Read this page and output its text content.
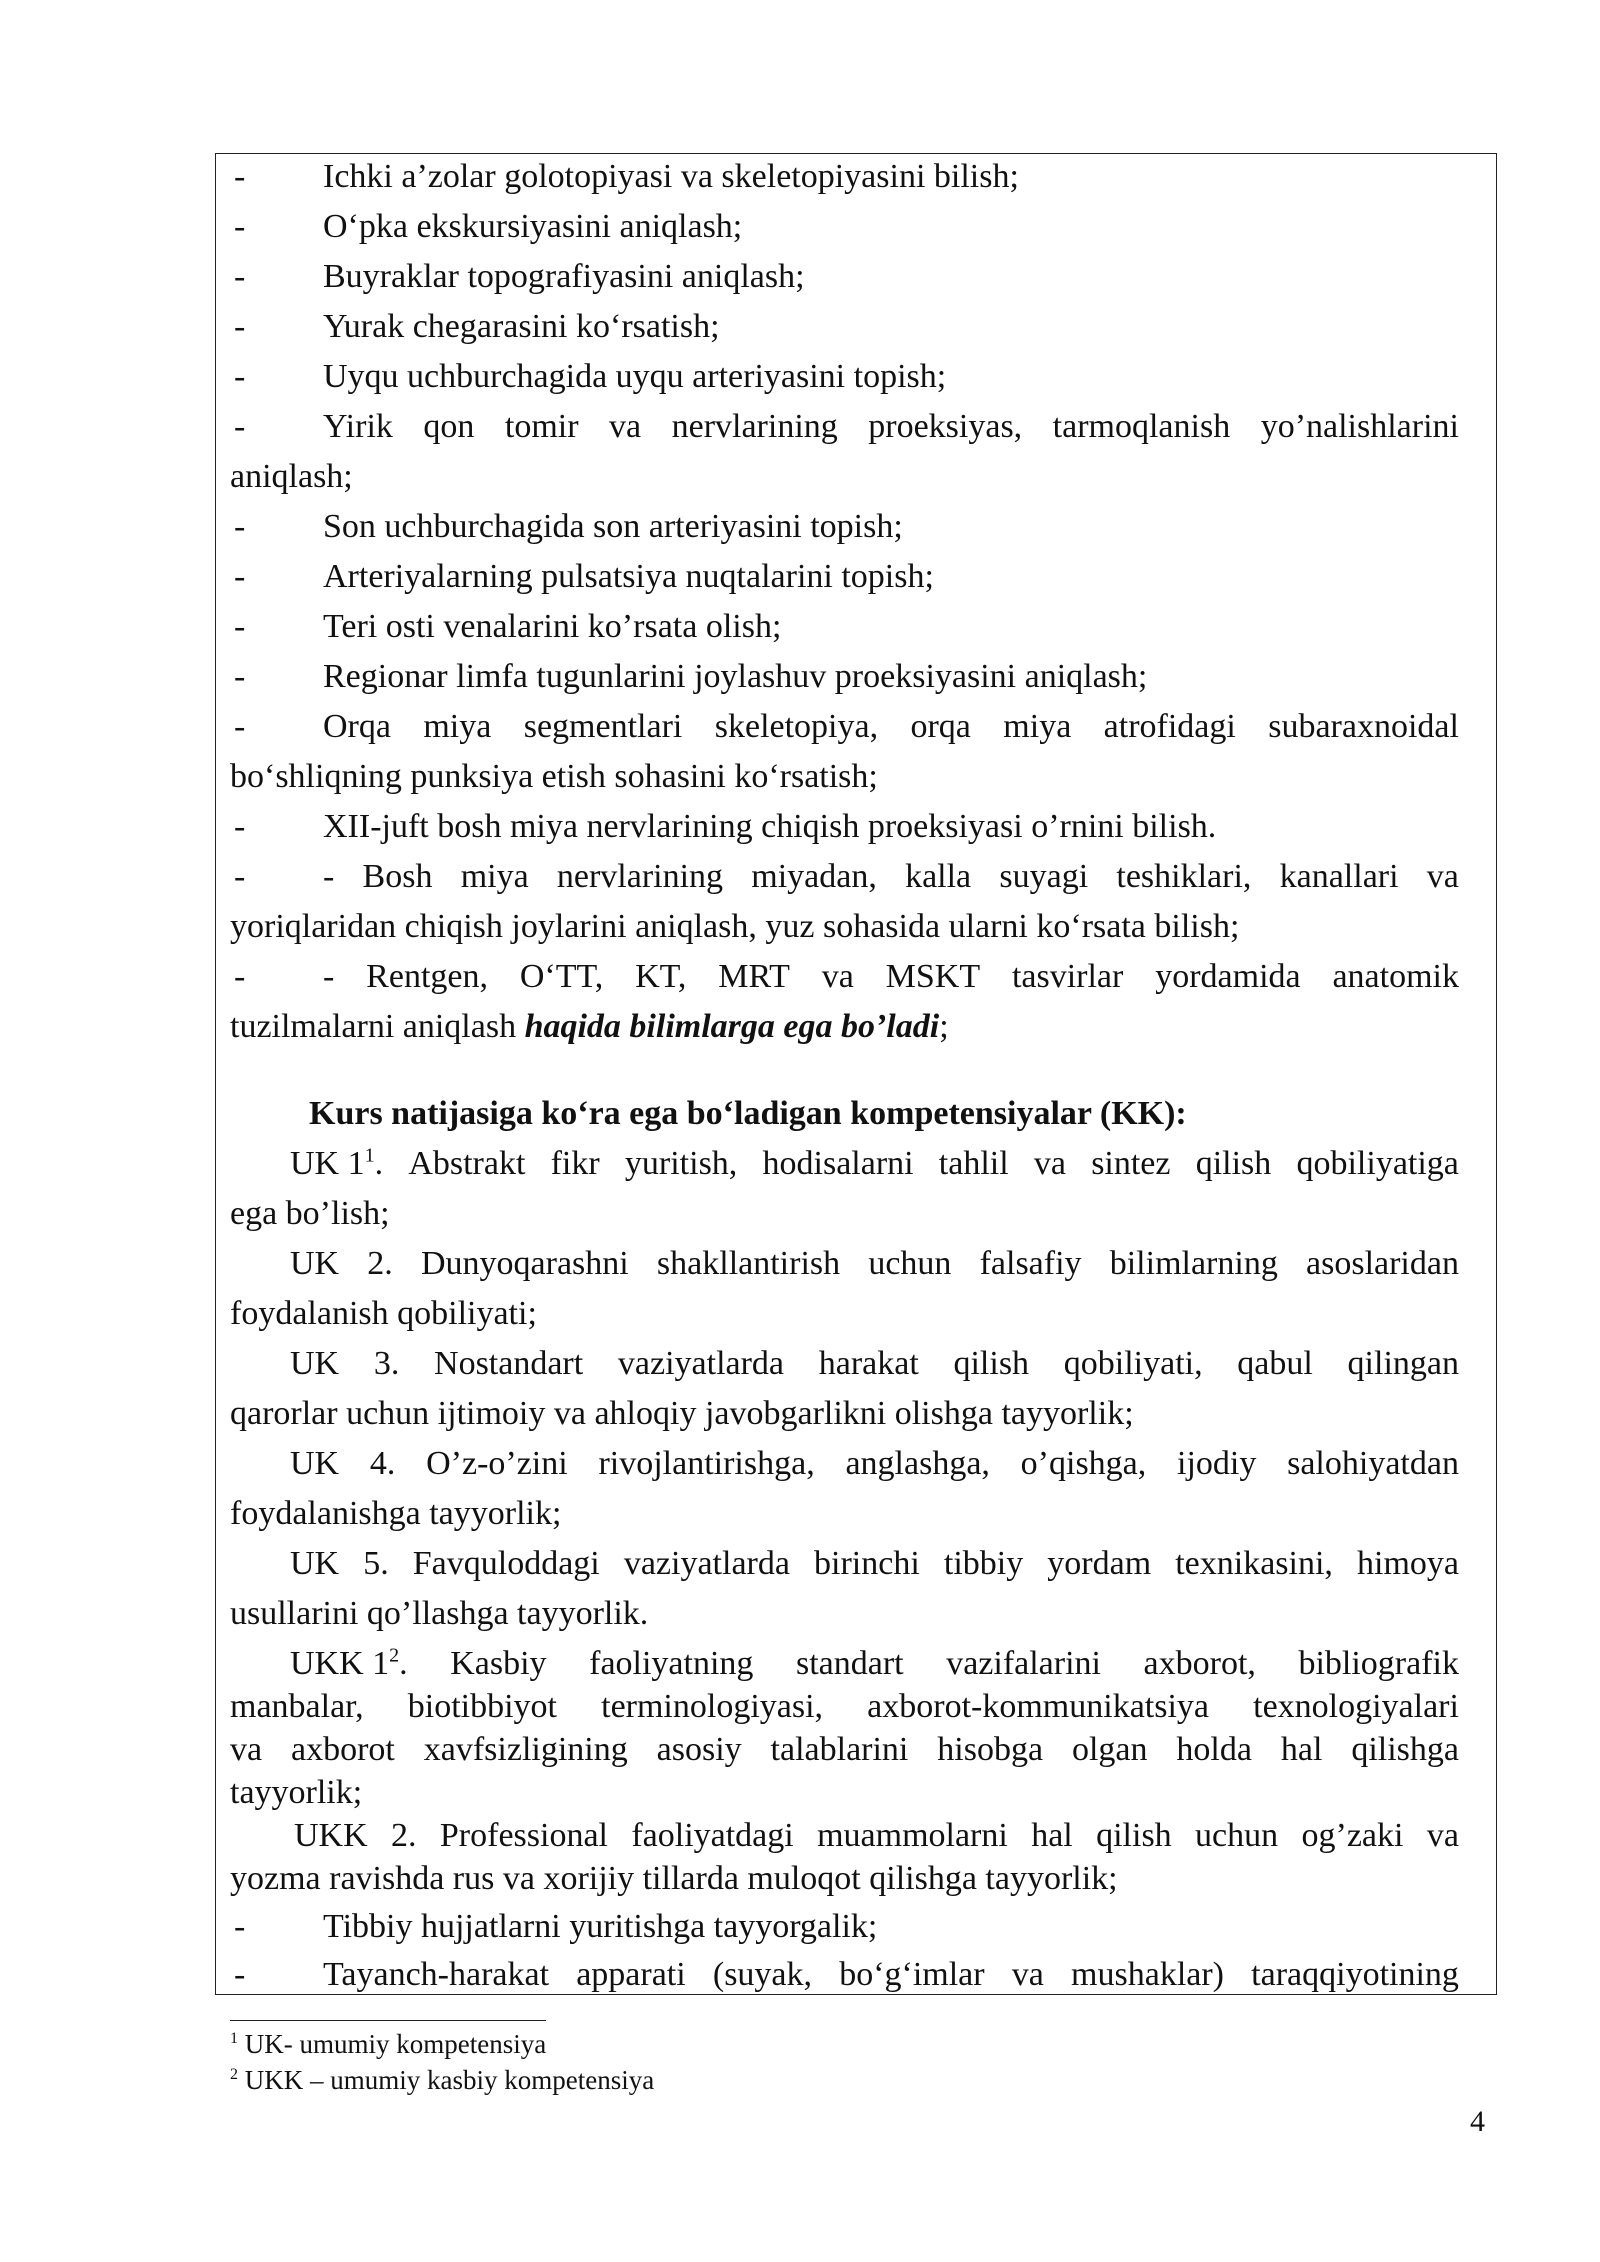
- Ichki a’zolar golotopiyasi va skeletopiyasini bilish;
- O‘pka ekskursiyasini aniqlash;
- Buyraklar topografiyasini aniqlash;
- Yurak chegarasini ko‘rsatish;
- Uyqu uchburchagida uyqu arteriyasini topish;
- Yirik qon tomir va nervlarining proeksiyas, tarmoqlanish yo’nalishlarini
aniqlash;
- Son uchburchagida son arteriyasini topish;
- Arteriyalarning pulsatsiya nuqtalarini topish;
- Teri osti venalarini ko’rsata olish;
- Regionar limfa tugunlarini joylashuv proeksiyasini aniqlash;
- Orqa miya segmentlari skeletopiya, orqa miya atrofidagi subaraxnoidal
bo‘shliqning punksiya etish sohasini ko‘rsatish;
- XII-juft bosh miya nervlarining chiqish proeksiyasi o’rnini bilish.
- - Bosh miya nervlarining miyadan, kalla suyagi teshiklari, kanallari va
yoriqlaridan chiqish joylarini aniqlash, yuz sohasida ularni ko‘rsata bilish;
- - Rentgen, O‘TT, KT, MRT va MSKT tasvirlar yordamida anatomik
tuzilmalarni aniqlash haqida bilimlarga ega bo’ladi;
Kurs natijasiga ko‘ra ega bo‘ladigan kompetensiyalar (KK):
UK $1^1$. Abstrakt fikr yuritish, hodisalarni tahlil va sintez qilish qobiliyatiga
ega bo’lish;
UK 2. Dunyoqarashni shakllantirish uchun falsafiy bilimlarning asoslaridan
foydalanish qobiliyati;
UK 3. Nostandart vaziyatlarda harakat qilish qobiliyati, qabul qilingan
qarorlar uchun ijtimoiy va ahloqiy javobgarlikni olishga tayyorlik;
UK 4. O’z-o’zini rivojlantirishga, anglashga, o’qishga, ijodiy salohiyatdan
foydalanishga tayyorlik;
UK 5. Favquloddagi vaziyatlarda birinchi tibbiy yordam texnikasini, himoya
usullarini qo’llashga tayyorlik.
UKK $1^2$. Kasbiy faoliyatning standart vazifalarini axborot, bibliografik
manbalar, biotibbiyot terminologiyasi, axborot-kommunikatsiya texnologiyalari
va axborot xavfsizligining asosiy talablarini hisobga olgan holda hal qilishga
tayyorlik;
UKK 2. Professional faoliyatdagi muammolarni hal qilish uchun og’zaki va
yozma ravishda rus va xorijiy tillarda muloqot qilishga tayyorlik;
- Tibbiy hujjatlarni yuritishga tayyorgalik;
- Tayanch-harakat apparati (suyak, bo‘g‘imlar va mushaklar) taraqqiyotining
$^1$ UK- umumiy kompetensiya
$^2$ UKK – umumiy kasbiy kompetensiya
4
